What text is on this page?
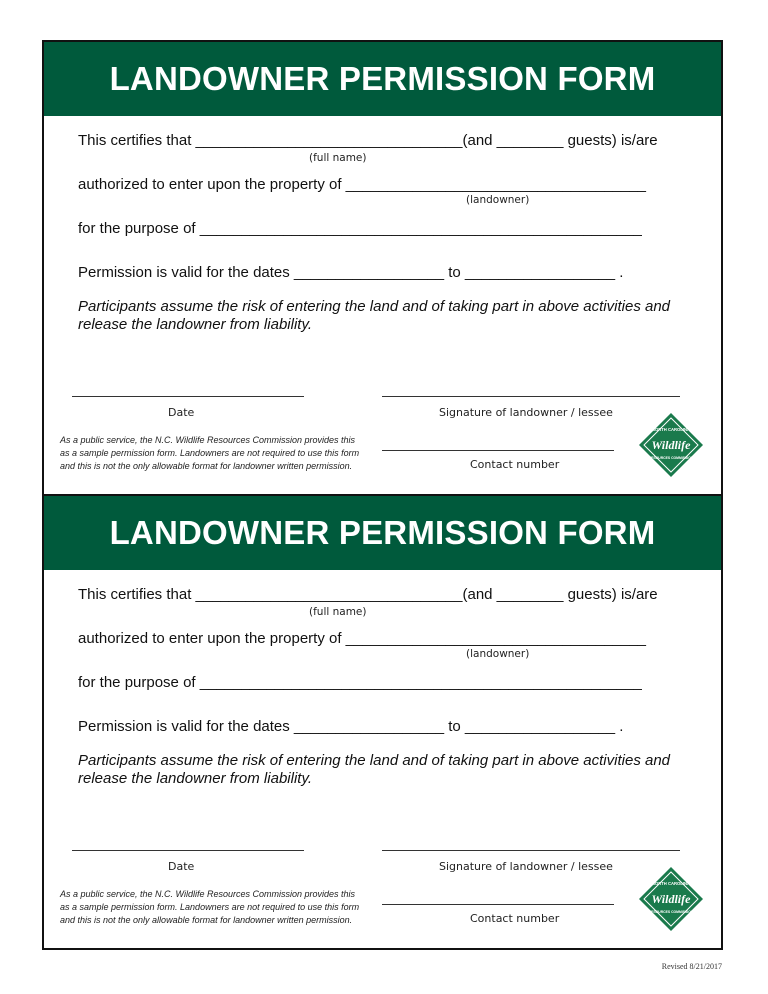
LANDOWNER PERMISSION FORM
This certifies that ________________________________(and ________ guests) is/are
(full name)
authorized to enter upon the property of ____________________________________
(landowner)
for the purpose of _____________________________________________________
Permission is valid for the dates __________________ to __________________ .
Participants assume the risk of entering the land and of taking part in above activities and release the landowner from liability.
Date	Signature of landowner / lessee
As a public service, the N.C. Wildlife Resources Commission provides this as a sample permission form. Landowners are not required to use this form and this is not the only allowable format for landowner written permission.	Contact number
NORTH CAROLINA
Wildlife
RESOURCES COMMISSION
LANDOWNER PERMISSION FORM
This certifies that ________________________________(and ________ guests) is/are
(full name)
authorized to enter upon the property of ____________________________________
(landowner)
for the purpose of _____________________________________________________
Permission is valid for the dates __________________ to __________________ .
Participants assume the risk of entering the land and of taking part in above activities and release the landowner from liability.
Date	Signature of landowner / lessee
As a public service, the N.C. Wildlife Resources Commission provides this as a sample permission form. Landowners are not required to use this form and this is not the only allowable format for landowner written permission.	Contact number
NORTH CAROLINA
Wildlife
RESOURCES COMMISSION
Revised 8/21/2017
